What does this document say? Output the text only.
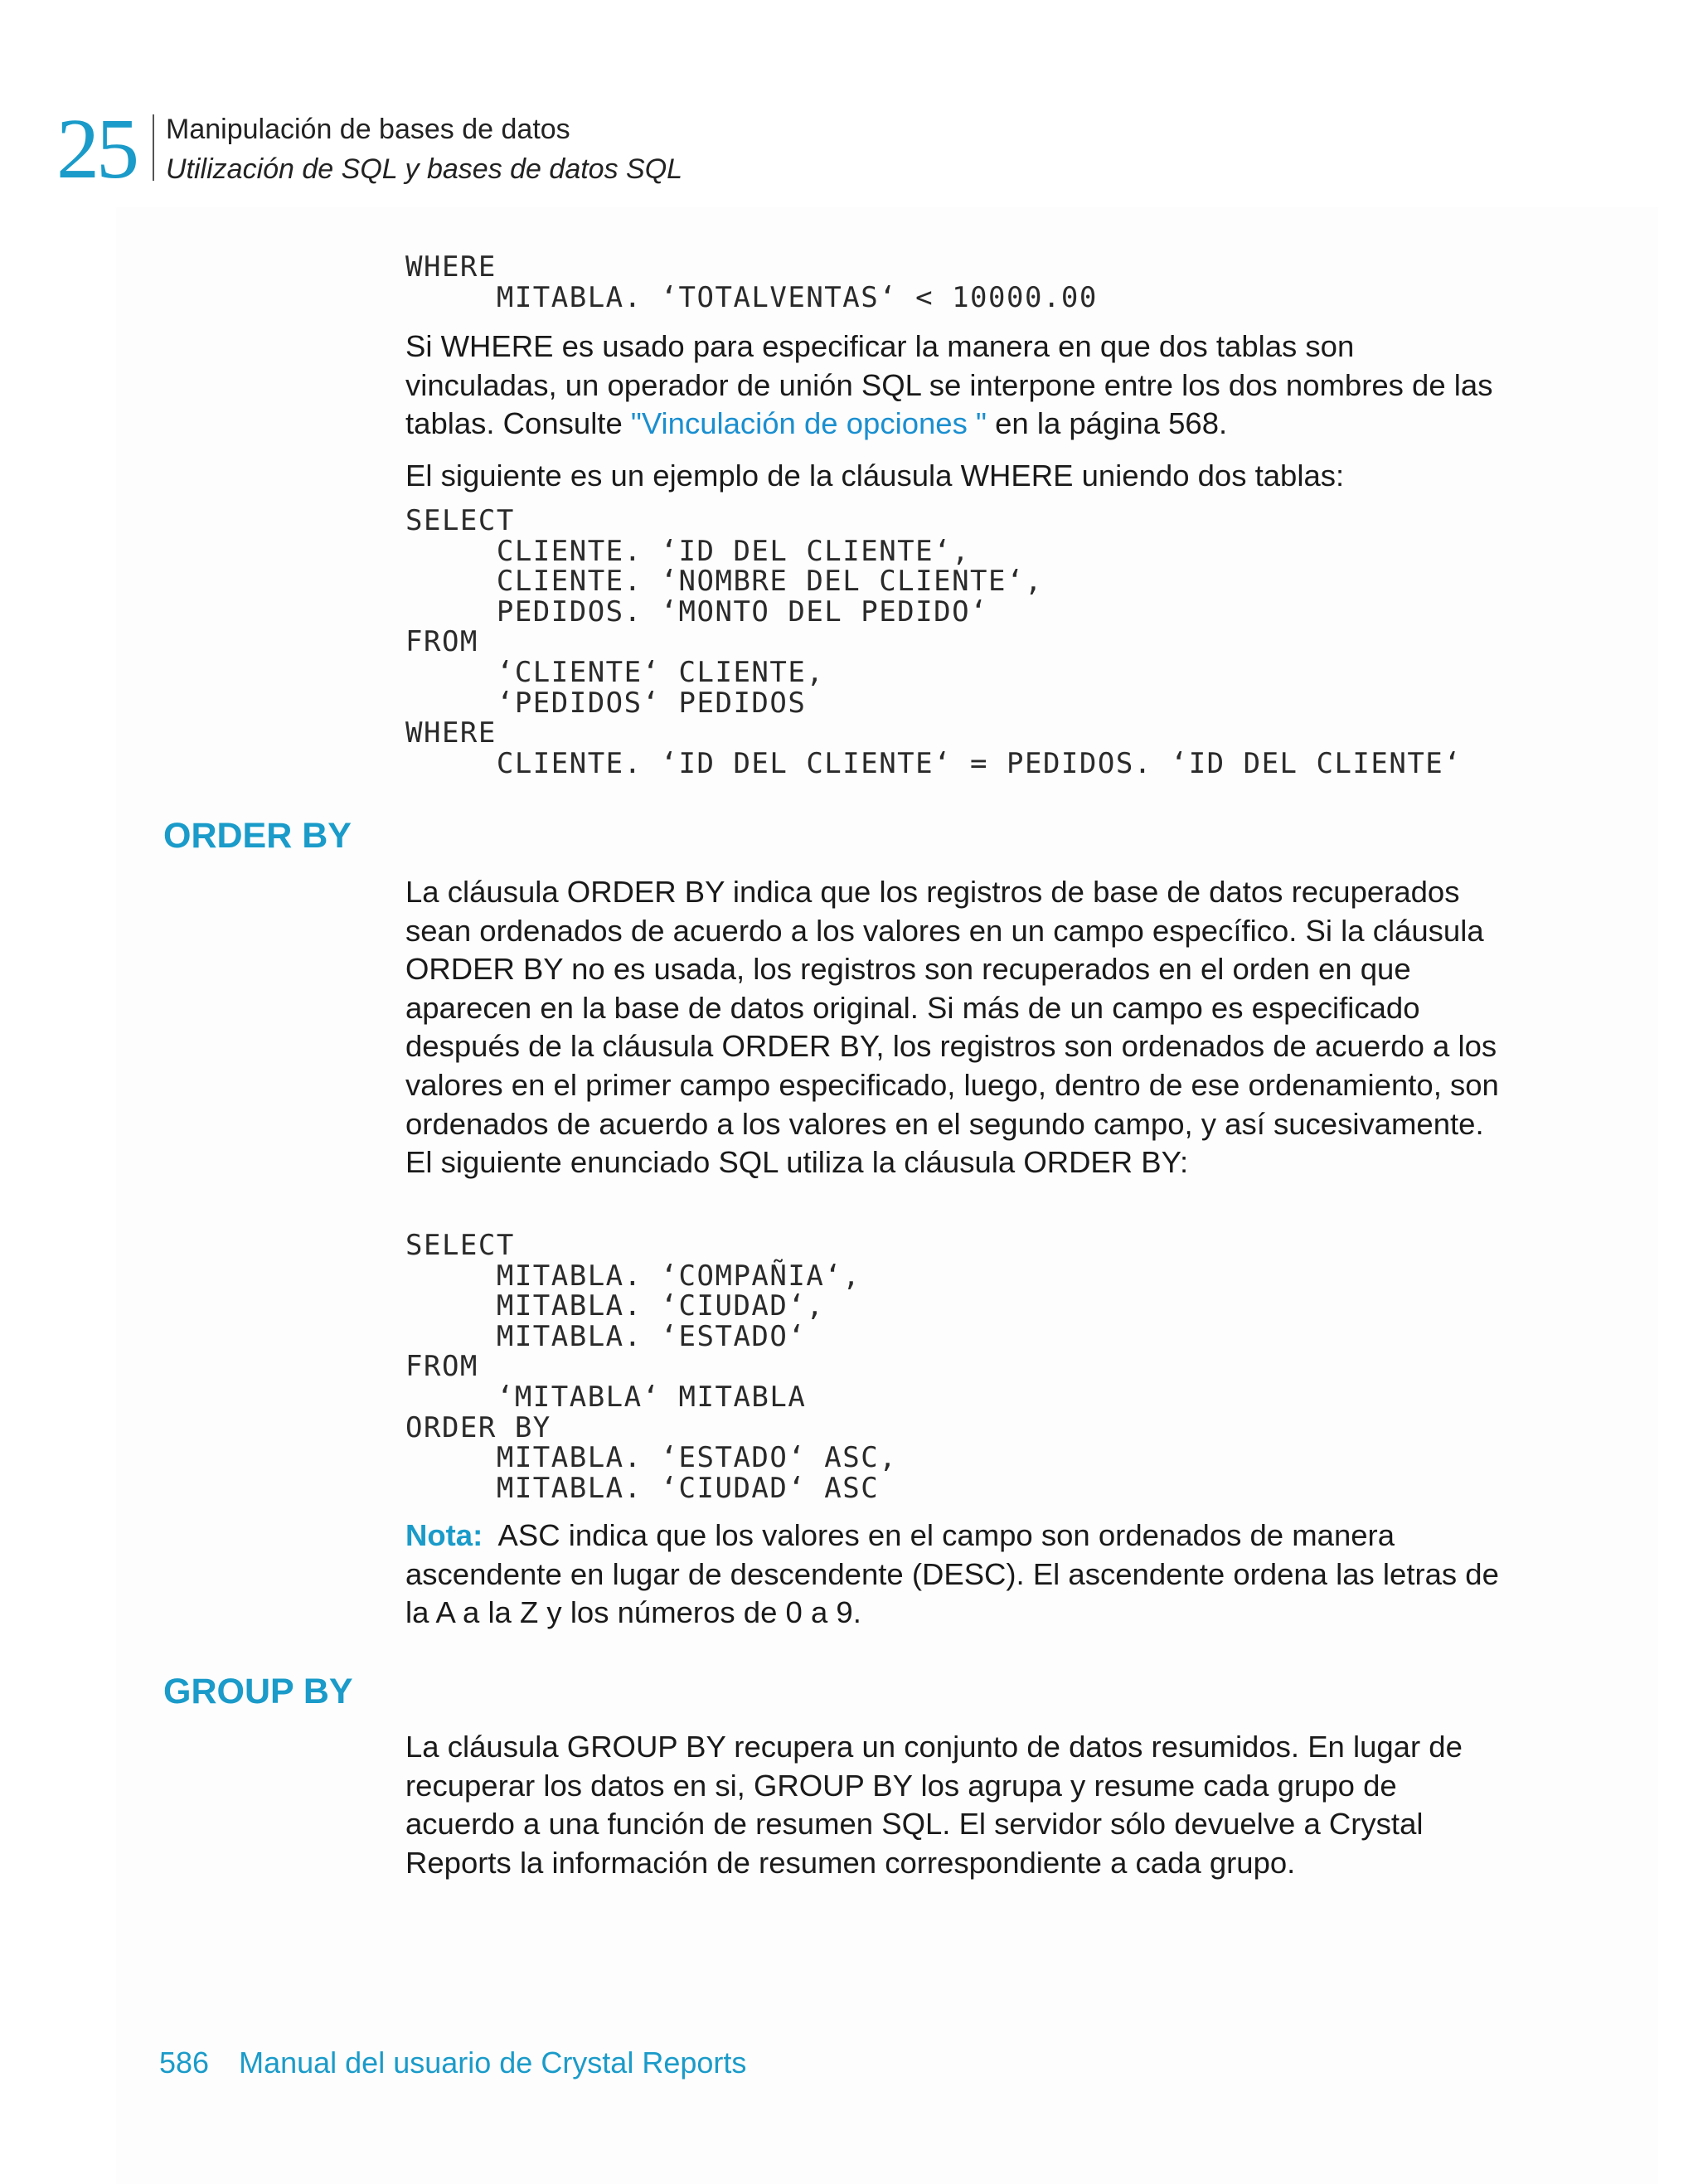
25 Manipulación de bases de datos
Utilización de SQL y bases de datos SQL
WHERE
MITABLA. ‘TOTALVENTAS‘ < 10000.00

Si WHERE es usado para especificar la manera en que dos tablas son vinculadas, un operador de unión SQL se interpone entre los dos nombres de las tablas. Consulte "Vinculación de opciones " en la página 568.

El siguiente es un ejemplo de la cláusula WHERE uniendo dos tablas:

SELECT
CLIENTE. ‘ID DEL CLIENTE‘,
CLIENTE. ‘NOMBRE DEL CLIENTE‘,
PEDIDOS. ‘MONTO DEL PEDIDO‘
FROM
‘CLIENTE‘ CLIENTE,
‘PEDIDOS‘ PEDIDOS
WHERE
CLIENTE. ‘ID DEL CLIENTE‘ = PEDIDOS. ‘ID DEL CLIENTE‘
ORDER BY

La cláusula ORDER BY indica que los registros de base de datos recuperados sean ordenados de acuerdo a los valores en un campo específico. Si la cláusula ORDER BY no es usada, los registros son recuperados en el orden en que aparecen en la base de datos original. Si más de un campo es especificado después de la cláusula ORDER BY, los registros son ordenados de acuerdo a los valores en el primer campo especificado, luego, dentro de ese ordenamiento, son ordenados de acuerdo a los valores en el segundo campo, y así sucesivamente. El siguiente enunciado SQL utiliza la cláusula ORDER BY:

SELECT
MITABLA. ‘COMPAÑIA‘,
MITABLA. ‘CIUDAD‘,
MITABLA. ‘ESTADO‘
FROM
‘MITABLA‘ MITABLA
ORDER BY
MITABLA. ‘ESTADO‘ ASC,
MITABLA. ‘CIUDAD‘ ASC

Nota: ASC indica que los valores en el campo son ordenados de manera ascendente en lugar de descendente (DESC). El ascendente ordena las letras de la A a la Z y los números de 0 a 9.

GROUP BY

La cláusula GROUP BY recupera un conjunto de datos resumidos. En lugar de recuperar los datos en si, GROUP BY los agrupa y resume cada grupo de acuerdo a una función de resumen SQL. El servidor sólo devuelve a Crystal Reports la información de resumen correspondiente a cada grupo.

586 Manual del usuario de Crystal Reports
